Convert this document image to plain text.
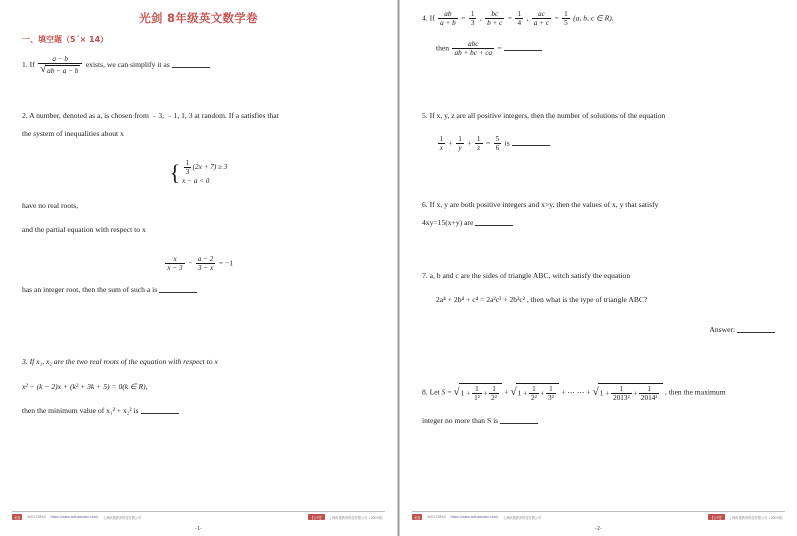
光剑 8年级英文数学卷
一、填空题（5ˊ× 14）
1. If $\frac{a - b}{√ab - a - b}$ exists, we can simplify it as
2. A number, denoted as a, is chosen from ﹣3, ﹣1, 1, 3 at random. If a satisfies that
the system of inequalities about x
{ $\frac{1}{3} (2x + 7) \ge 3$
x − a < 0
have no real roots,
and the partial equation with respect to x
$\frac{x}{x - 3} - \frac{a - 2}{3 - x} = -1$
has an integer root, then the sum of such a is
3. If x₁, x₂ are the two real roots of the equation with respect to x
x² − (k − 2)x + (k² + 3k + 5) = 0(k ∈ R),
then the minimum value of x₁² + x₂² is
光剑	400179849 https://www.tokuozuoan.com/ 上海欧捷教育科技有限公司	【公司】	上海欧捷教育科技有限公司（2002版）
-1-
4. If $\frac{ab}{a + b} = \frac{1}{3}$ , $\frac{bc}{b + c} = \frac{1}{4}$ , $\frac{ac}{a + c} = \frac{1}{5} (a$, b, c ∈ R).
then $\frac{\text{abc}}{ab + bc + ca}$ =
5. If x, y, z are all positive integers, then the number of solutions of the equation
$\frac{1}{x} + \frac{1}{y} + \frac{1}{z} = \frac{5}{6}$ is
6. If x, y are both positive integers and x>y, then the values of x, y that satisfy
4xy=15(x+y) are
7. a, b and c are the sides of triangle ABC, witch satisfy the equation
2a⁴ + 2b⁴ + c⁴ = 2a²c² + 2b²c² , then what is the type of triangle ABC?
Answer:
8. Let $S = √1 + \frac{1}{\text{1²}} + \frac{1}{\text{2²}} + √1 + \frac{1}{\text{2²}} + \frac{1}{\text{3²}}$ + ⋯ ⋯ + $√1 + \frac{1}{\text{2013²}} + \frac{1}{\text{2014²}}$ , then the maximum
integer no more than S is
光剑	400179849 https://www.tokuozuoan.com/ 上海欧捷教育科技有限公司	【公司】	上海欧捷教育科技有限公司（2002版）
-2-
